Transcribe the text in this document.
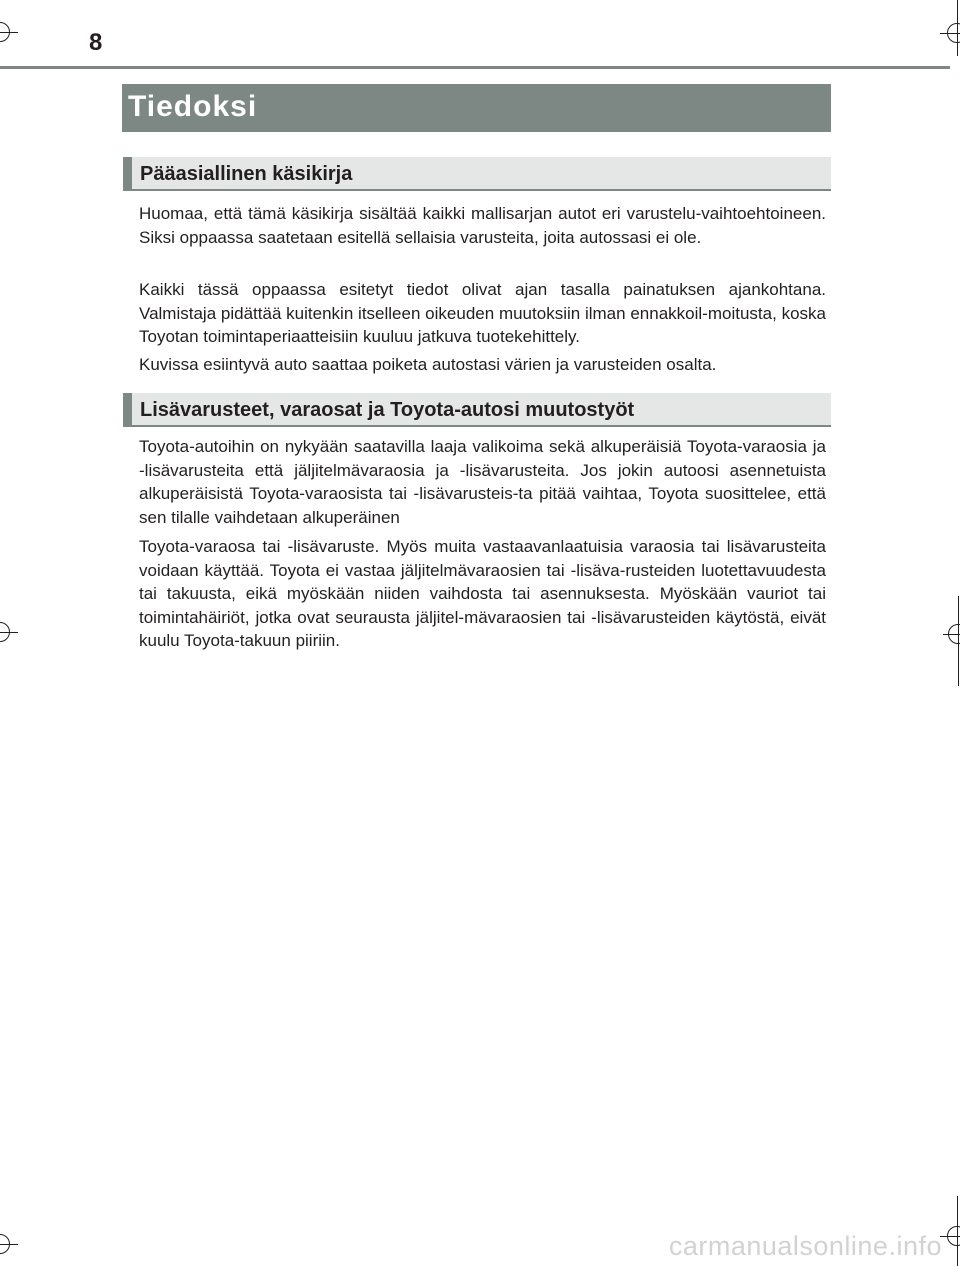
8
Tiedoksi
Pääasiallinen käsikirja

Huomaa, että tämä käsikirja sisältää kaikki mallisarjan autot eri varustelu-vaihtoehtoineen. Siksi oppaassa saatetaan esitellä sellaisia varusteita, joita autossasi ei ole.

Kaikki tässä oppaassa esitetyt tiedot olivat ajan tasalla painatuksen ajankohtana. Valmistaja pidättää kuitenkin itselleen oikeuden muutoksiin ilman ennakkoil-moitusta, koska Toyotan toimintaperiaatteisiin kuuluu jatkuva tuotekehittely.

Kuvissa esiintyvä auto saattaa poiketa autostasi värien ja varusteiden osalta.

Lisävarusteet, varaosat ja Toyota-autosi muutostyöt

Toyota-autoihin on nykyään saatavilla laaja valikoima sekä alkuperäisiä Toyota-varaosia ja -lisävarusteita että jäljitelmävaraosia ja -lisävarusteita. Jos jokin autoosi asennetuista alkuperäisistä Toyota-varaosista tai -lisävarusteis-ta pitää vaihtaa, Toyota suosittelee, että sen tilalle vaihdetaan alkuperäinen

Toyota-varaosa tai -lisävaruste. Myös muita vastaavanlaatuisia varaosia tai lisävarusteita voidaan käyttää. Toyota ei vastaa jäljitelmävaraosien tai -lisäva-rusteiden luotettavuudesta tai takuusta, eikä myöskään niiden vaihdosta tai asennuksesta. Myöskään vauriot tai toimintahäiriöt, jotka ovat seurausta jäljitel-mävaraosien tai -lisävarusteiden käytöstä, eivät kuulu Toyota-takuun piiriin.

carmanualsonline.info
